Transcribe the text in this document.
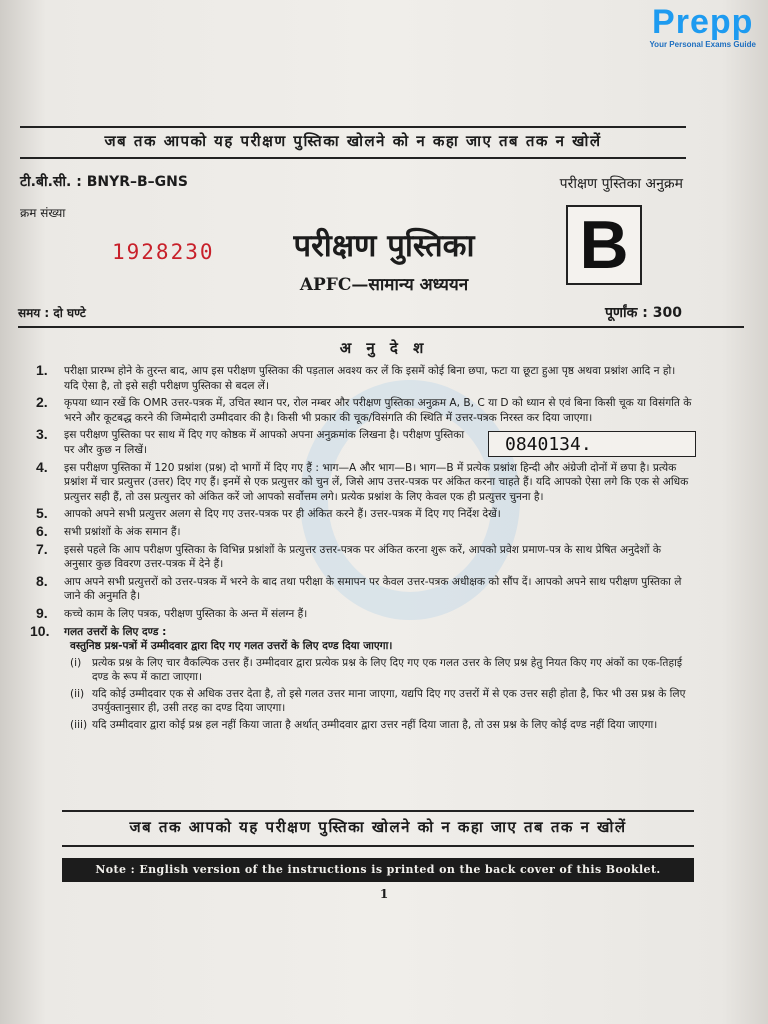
Prepp
Your Personal Exams Guide
जब तक आपको यह परीक्षण पुस्तिका खोलने को न कहा जाए तब तक न खोलें
टी.बी.सी. : BNYR–B–GNS	परीक्षण पुस्तिका अनुक्रम
क्रम संख्या
1928230	परीक्षण पुस्तिका
APFC—सामान्य अध्ययन
B
समय : दो घण्टे	पूर्णांक : 300
अ नु दे श
1. परीक्षा प्रारम्भ होने के तुरन्त बाद, आप इस परीक्षण पुस्तिका की पड़ताल अवश्य कर लें कि इसमें कोई बिना छपा, फटा या छूटा हुआ पृष्ठ अथवा प्रश्नांश आदि न हो। यदि ऐसा है, तो इसे सही परीक्षण पुस्तिका से बदल लें।
2. कृपया ध्यान रखें कि OMR उत्तर-पत्रक में, उचित स्थान पर, रोल नम्बर और परीक्षण पुस्तिका अनुक्रम A, B, C या D को ध्यान से एवं बिना किसी चूक या विसंगति के भरने और कूटबद्ध करने की जिम्मेदारी उम्मीदवार की है। किसी भी प्रकार की चूक/विसंगति की स्थिति में उत्तर-पत्रक निरस्त कर दिया जाएगा।
3. इस परीक्षण पुस्तिका पर साथ में दिए गए कोष्ठक में आपको अपना अनुक्रमांक लिखना है। परीक्षण पुस्तिका पर और कुछ न लिखें।	0840134.
4. इस परीक्षण पुस्तिका में 120 प्रश्नांश (प्रश्न) दो भागों में दिए गए हैं : भाग—A और भाग—B। भाग—B में प्रत्येक प्रश्नांश हिन्दी और अंग्रेजी दोनों में छपा है। प्रत्येक प्रश्नांश में चार प्रत्युत्तर (उत्तर) दिए गए हैं। इनमें से एक प्रत्युत्तर को चुन लें, जिसे आप उत्तर-पत्रक पर अंकित करना चाहते हैं। यदि आपको ऐसा लगे कि एक से अधिक प्रत्युत्तर सही हैं, तो उस प्रत्युत्तर को अंकित करें जो आपको सर्वोत्तम लगे। प्रत्येक प्रश्नांश के लिए केवल एक ही प्रत्युत्तर चुनना है।
5. आपको अपने सभी प्रत्युत्तर अलग से दिए गए उत्तर-पत्रक पर ही अंकित करने हैं। उत्तर-पत्रक में दिए गए निर्देश देखें।
6. सभी प्रश्नांशों के अंक समान हैं।
7. इससे पहले कि आप परीक्षण पुस्तिका के विभिन्न प्रश्नांशों के प्रत्युत्तर उत्तर-पत्रक पर अंकित करना शुरू करें, आपको प्रवेश प्रमाण-पत्र के साथ प्रेषित अनुदेशों के अनुसार कुछ विवरण उत्तर-पत्रक में देने हैं।
8. आप अपने सभी प्रत्युत्तरों को उत्तर-पत्रक में भरने के बाद तथा परीक्षा के समापन पर केवल उत्तर-पत्रक अधीक्षक को सौंप दें। आपको अपने साथ परीक्षण पुस्तिका ले जाने की अनुमति है।
9. कच्चे काम के लिए पत्रक, परीक्षण पुस्तिका के अन्त में संलग्न हैं।
10. गलत उत्तरों के लिए दण्ड :
वस्तुनिष्ठ प्रश्न-पत्रों में उम्मीदवार द्वारा दिए गए गलत उत्तरों के लिए दण्ड दिया जाएगा।
(i) प्रत्येक प्रश्न के लिए चार वैकल्पिक उत्तर हैं। उम्मीदवार द्वारा प्रत्येक प्रश्न के लिए दिए गए एक गलत उत्तर के लिए प्रश्न हेतु नियत किए गए अंकों का एक-तिहाई दण्ड के रूप में काटा जाएगा।
(ii) यदि कोई उम्मीदवार एक से अधिक उत्तर देता है, तो इसे गलत उत्तर माना जाएगा, यद्यपि दिए गए उत्तरों में से एक उत्तर सही होता है, फिर भी उस प्रश्न के लिए उपर्युक्तानुसार ही, उसी तरह का दण्ड दिया जाएगा।
(iii) यदि उम्मीदवार द्वारा कोई प्रश्न हल नहीं किया जाता है अर्थात् उम्मीदवार द्वारा उत्तर नहीं दिया जाता है, तो उस प्रश्न के लिए कोई दण्ड नहीं दिया जाएगा।
जब तक आपको यह परीक्षण पुस्तिका खोलने को न कहा जाए तब तक न खोलें
Note : English version of the instructions is printed on the back cover of this Booklet.
1
